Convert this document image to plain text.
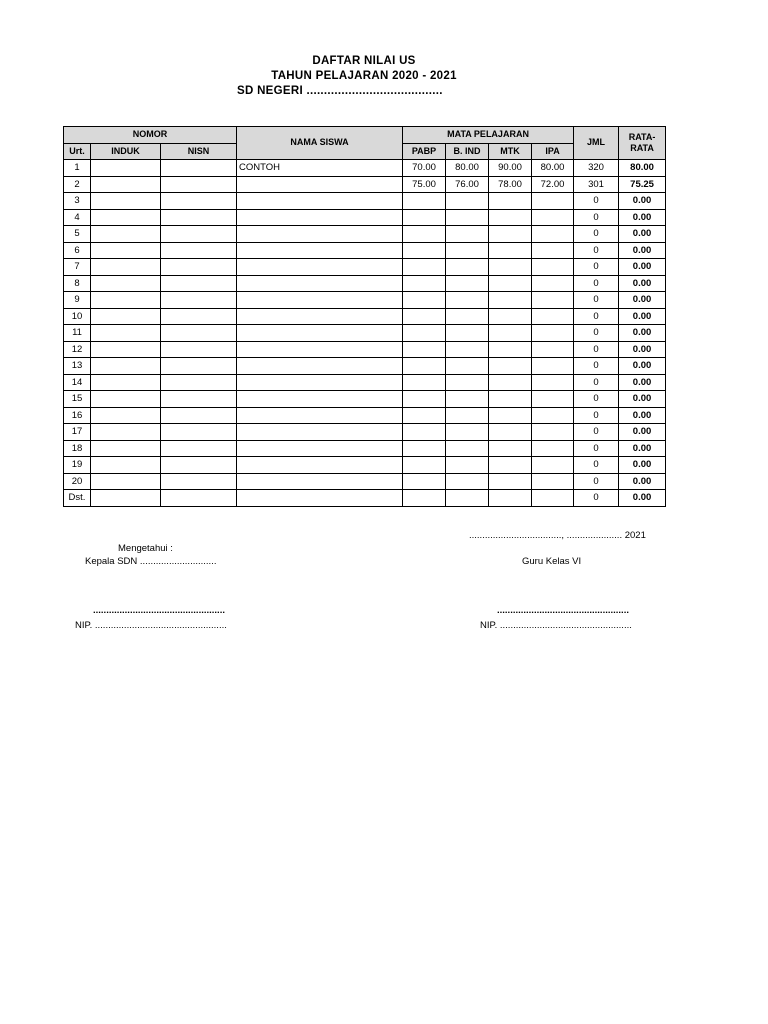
DAFTAR NILAI US
TAHUN PELAJARAN 2020 - 2021
SD NEGERI .......................................
NOMOR			NAMA SISWA	MATA PELAJARAN				JML	RATA-RATA
Urt.	INDUK	NISN		PABP	B. IND	MTK	IPA		
1			CONTOH	70.00	80.00	90.00	80.00	320	80.00
2				75.00	76.00	78.00	72.00	301	75.25
3								0	0.00
4								0	0.00
5								0	0.00
6								0	0.00
7								0	0.00
8								0	0.00
9								0	0.00
10								0	0.00
11								0	0.00
12								0	0.00
13								0	0.00
14								0	0.00
15								0	0.00
16								0	0.00
17								0	0.00
18								0	0.00
19								0	0.00
20								0	0.00
Dst.								0	0.00
..................................., ..................... 2021
Mengetahui :
Kepala SDN .............................
..................................................
NIP. ..................................................
Guru Kelas VI
..................................................
NIP. ..................................................
